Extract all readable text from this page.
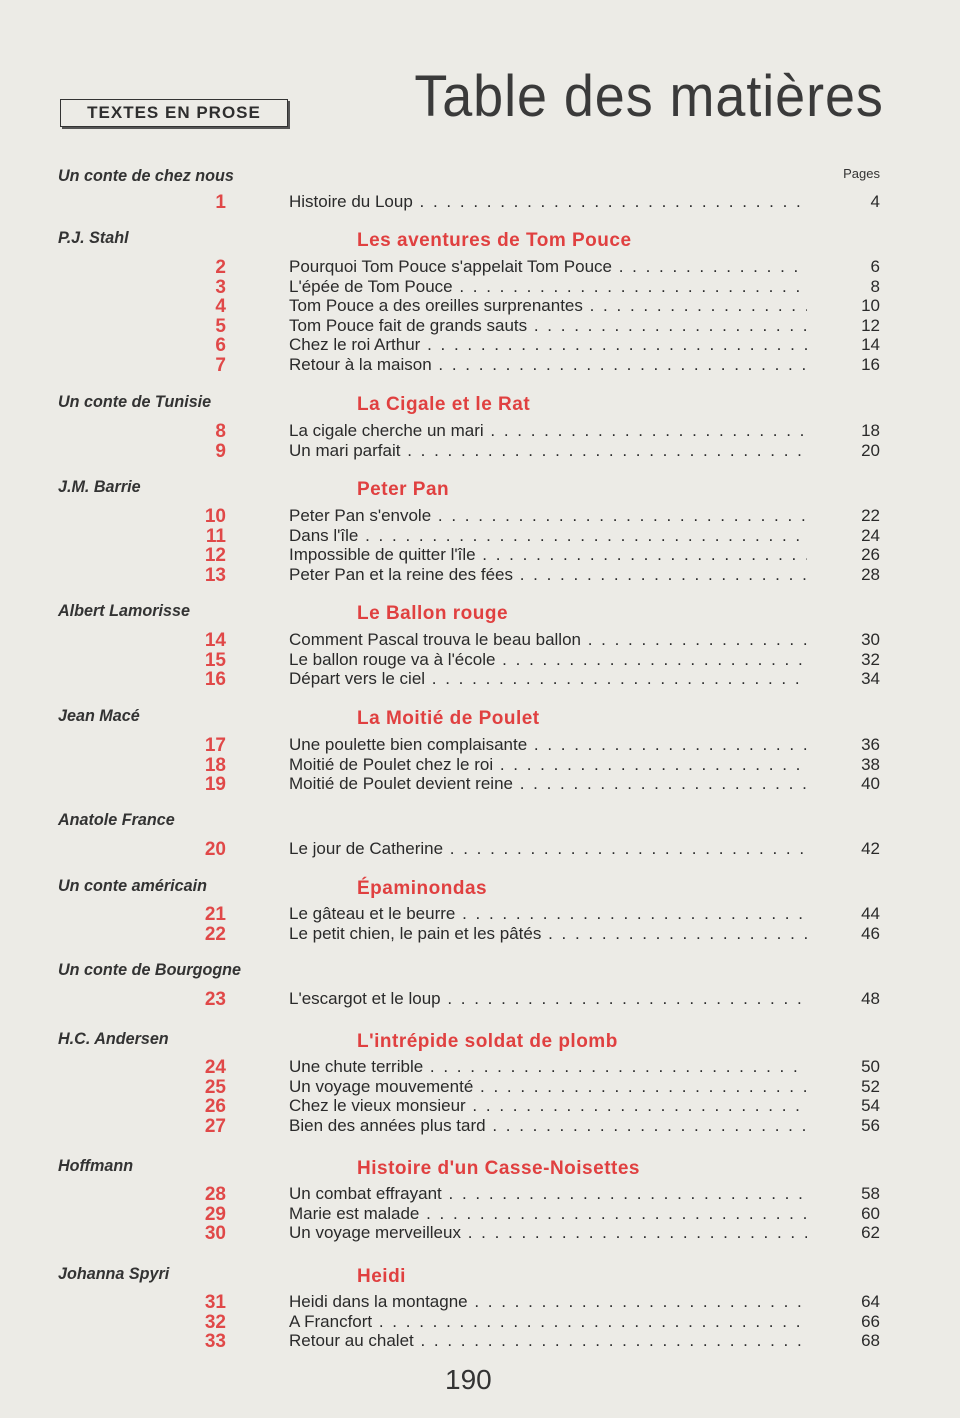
Table des matières
TEXTES EN PROSE
Pages
Un conte de chez nous
1	Histoire du Loup . . .	4
P.J. Stahl	Les aventures de Tom Pouce
2	Pourquoi Tom Pouce s'appelait Tom Pouce . . .	6
3	L'épée de Tom Pouce . . .	8
4	Tom Pouce a des oreilles surprenantes . . .	10
5	Tom Pouce fait de grands sauts . . .	12
6	Chez le roi Arthur . . .	14
7	Retour à la maison . . .	16
Un conte de Tunisie	La Cigale et le Rat
8	La cigale cherche un mari . . .	18
9	Un mari parfait . . .	20
J.M. Barrie	Peter Pan
10	Peter Pan s'envole . . .	22
11	Dans l'île . . .	24
12	Impossible de quitter l'île . . .	26
13	Peter Pan et la reine des fées . . .	28
Albert Lamorisse	Le Ballon rouge
14	Comment Pascal trouva le beau ballon . . .	30
15	Le ballon rouge va à l'école . . .	32
16	Départ vers le ciel . . .	34
Jean Macé	La Moitié de Poulet
17	Une poulette bien complaisante . . .	36
18	Moitié de Poulet chez le roi . . .	38
19	Moitié de Poulet devient reine . . .	40
Anatole France
20	Le jour de Catherine . . .	42
Un conte américain	Épaminondas
21	Le gâteau et le beurre . . .	44
22	Le petit chien, le pain et les pâtés . . .	46
Un conte de Bourgogne
23	L'escargot et le loup . . .	48
H.C. Andersen	L'intrépide soldat de plomb
24	Une chute terrible . . .	50
25	Un voyage mouvementé . . .	52
26	Chez le vieux monsieur . . .	54
27	Bien des années plus tard . . .	56
Hoffmann	Histoire d'un Casse-Noisettes
28	Un combat effrayant . . .	58
29	Marie est malade . . .	60
30	Un voyage merveilleux . . .	62
Johanna Spyri	Heidi
31	Heidi dans la montagne . . .	64
32	A Francfort . . .	66
33	Retour au chalet . . .	68
190
